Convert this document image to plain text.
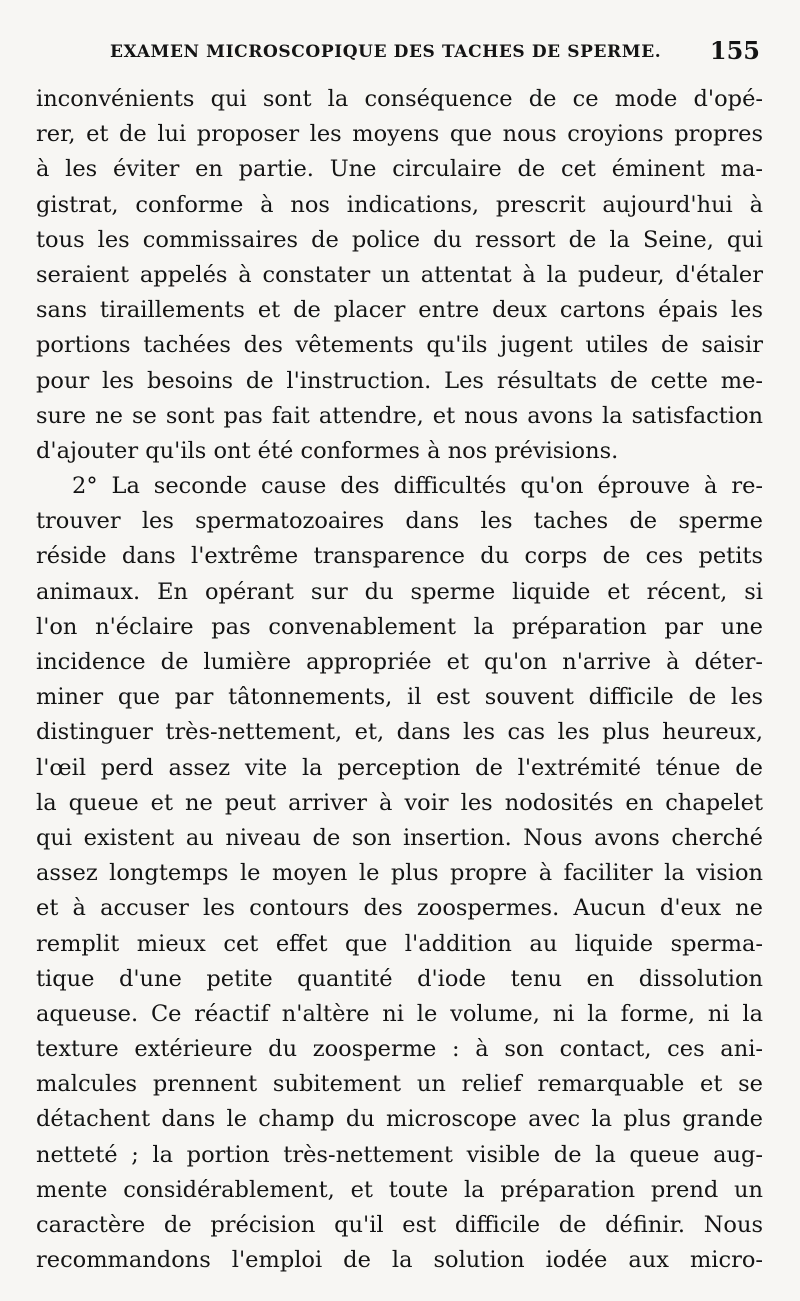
EXAMEN MICROSCOPIQUE DES TACHES DE SPERME. 155
inconvénients qui sont la conséquence de ce mode d'opé-
rer, et de lui proposer les moyens que nous croyions propres
à les éviter en partie. Une circulaire de cet éminent ma-
gistrat, conforme à nos indications, prescrit aujourd'hui à
tous les commissaires de police du ressort de la Seine, qui
seraient appelés à constater un attentat à la pudeur, d'étaler
sans tiraillements et de placer entre deux cartons épais les
portions tachées des vêtements qu'ils jugent utiles de saisir
pour les besoins de l'instruction. Les résultats de cette me-
sure ne se sont pas fait attendre, et nous avons la satisfaction
d'ajouter qu'ils ont été conformes à nos prévisions.
2° La seconde cause des difficultés qu'on éprouve à re-
trouver les spermatozoaires dans les taches de sperme
réside dans l'extrême transparence du corps de ces petits
animaux. En opérant sur du sperme liquide et récent, si
l'on n'éclaire pas convenablement la préparation par une
incidence de lumière appropriée et qu'on n'arrive à déter-
miner que par tâtonnements, il est souvent difficile de les
distinguer très-nettement, et, dans les cas les plus heureux,
l'œil perd assez vite la perception de l'extrémité ténue de
la queue et ne peut arriver à voir les nodosités en chapelet
qui existent au niveau de son insertion. Nous avons cherché
assez longtemps le moyen le plus propre à faciliter la vision
et à accuser les contours des zoospermes. Aucun d'eux ne
remplit mieux cet effet que l'addition au liquide sperma-
tique d'une petite quantité d'iode tenu en dissolution
aqueuse. Ce réactif n'altère ni le volume, ni la forme, ni la
texture extérieure du zoosperme : à son contact, ces ani-
malcules prennent subitement un relief remarquable et se
détachent dans le champ du microscope avec la plus grande
netteté ; la portion très-nettement visible de la queue aug-
mente considérablement, et toute la préparation prend un
caractère de précision qu'il est difficile de définir. Nous
recommandons l'emploi de la solution iodée aux micro-
